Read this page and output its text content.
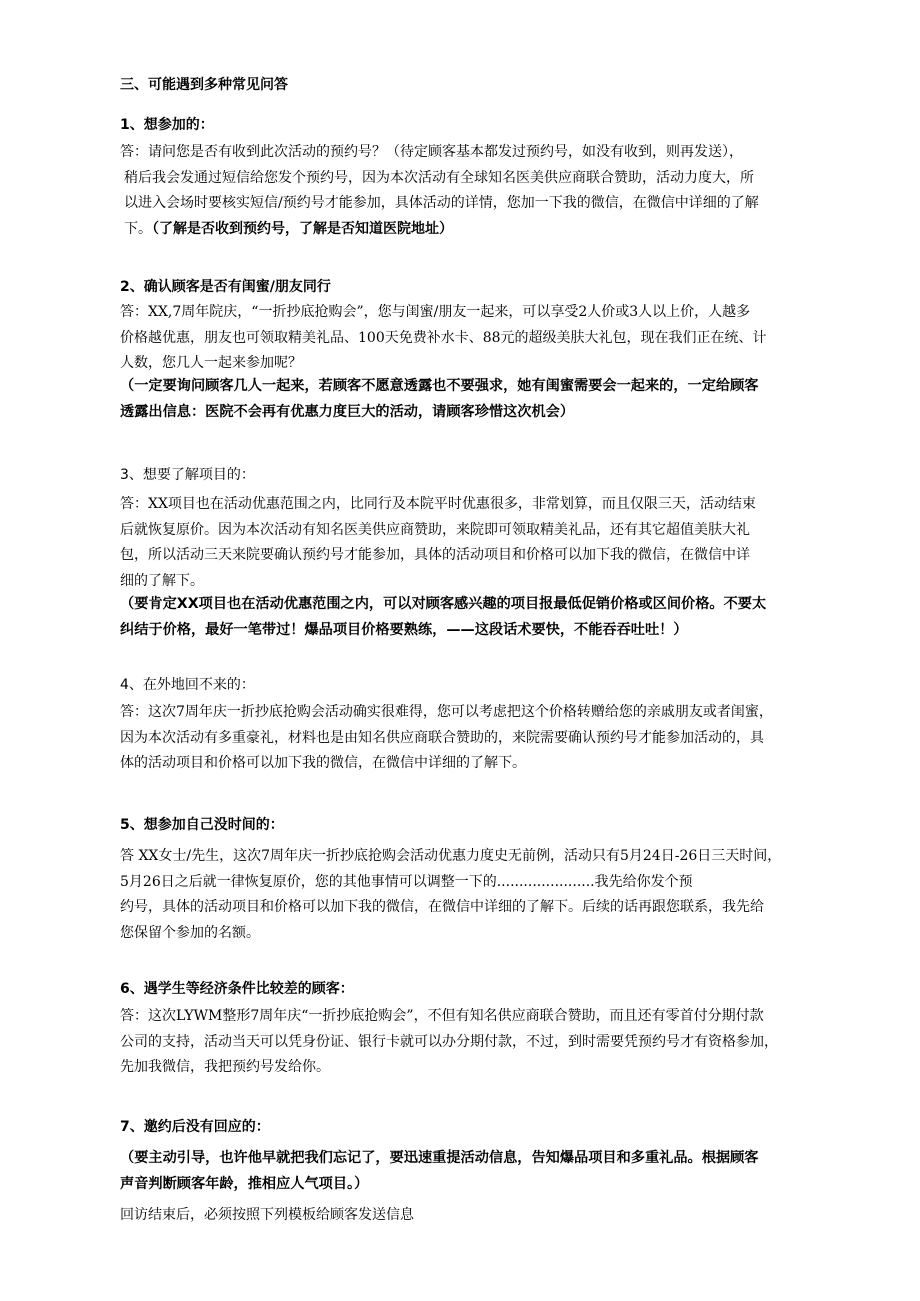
三、可能遇到多种常见问答
1、想参加的：
答：请问您是否有收到此次活动的预约号？（待定顾客基本都发过预约号，如没有收到，则再发送），
稍后我会发通过短信给您发个预约号，因为本次活动有全球知名医美供应商联合赞助，活动力度大，所
以进入会场时要核实短信/预约号才能参加，具体活动的详情，您加一下我的微信，在微信中详细的了解
下。（了解是否收到预约号，了解是否知道医院地址）
2、确认顾客是否有闺蜜/朋友同行
答：XX,7周年院庆，“一折抄底抢购会”，您与闺蜜/朋友一起来，可以享受2人价或3人以上价，人越多
价格越优惠，朋友也可领取精美礼品、100天免费补水卡、88元的超级美肤大礼包，现在我们正在统、计
人数，您几人一起来参加呢？
（一定要询问顾客几人一起来，若顾客不愿意透露也不要强求，她有闺蜜需要会一起来的，一定给顾客
透露出信息：医院不会再有优惠力度巨大的活动，请顾客珍惜这次机会）
3、想要了解项目的：
答：XX项目也在活动优惠范围之内，比同行及本院平时优惠很多，非常划算，而且仅限三天，活动结束
后就恢复原价。因为本次活动有知名医美供应商赞助，来院即可领取精美礼品，还有其它超值美肤大礼
包，所以活动三天来院要确认预约号才能参加，具体的活动项目和价格可以加下我的微信，在微信中详
细的了解下。
（要肯定XX项目也在活动优惠范围之内，可以对顾客感兴趣的项目报最低促销价格或区间价格。不要太
纠结于价格，最好一笔带过！爆品项目价格要熟练，——这段话术要快，不能吞吞吐吐！）
4、在外地回不来的：
答：这次7周年庆一折抄底抢购会活动确实很难得，您可以考虑把这个价格转赠给您的亲戚朋友或者闺蜜，
因为本次活动有多重豪礼，材料也是由知名供应商联合赞助的，来院需要确认预约号才能参加活动的，具
体的活动项目和价格可以加下我的微信，在微信中详细的了解下。
5、想参加自己没时间的：
答 XX女士/先生，这次7周年庆一折抄底抢购会活动优惠力度史无前例，活动只有5月24日-26日三天时间，
5月26日之后就一律恢复原价，您的其他事情可以调整一下的......................我先给你发个预
约号，具体的活动项目和价格可以加下我的微信，在微信中详细的了解下。后续的话再跟您联系，我先给
您保留个参加的名额。
6、遇学生等经济条件比较差的顾客：
答：这次LYWM整形7周年庆“一折抄底抢购会”，不但有知名供应商联合赞助，而且还有零首付分期付款
公司的支持，活动当天可以凭身份证、银行卡就可以办分期付款，不过，到时需要凭预约号才有资格参加，
先加我微信，我把预约号发给你。
7、邀约后没有回应的：
（要主动引导，也许他早就把我们忘记了，要迅速重提活动信息，告知爆品项目和多重礼品。根据顾客
声音判断顾客年龄，推相应人气项目。）
回访结束后，必须按照下列模板给顾客发送信息
